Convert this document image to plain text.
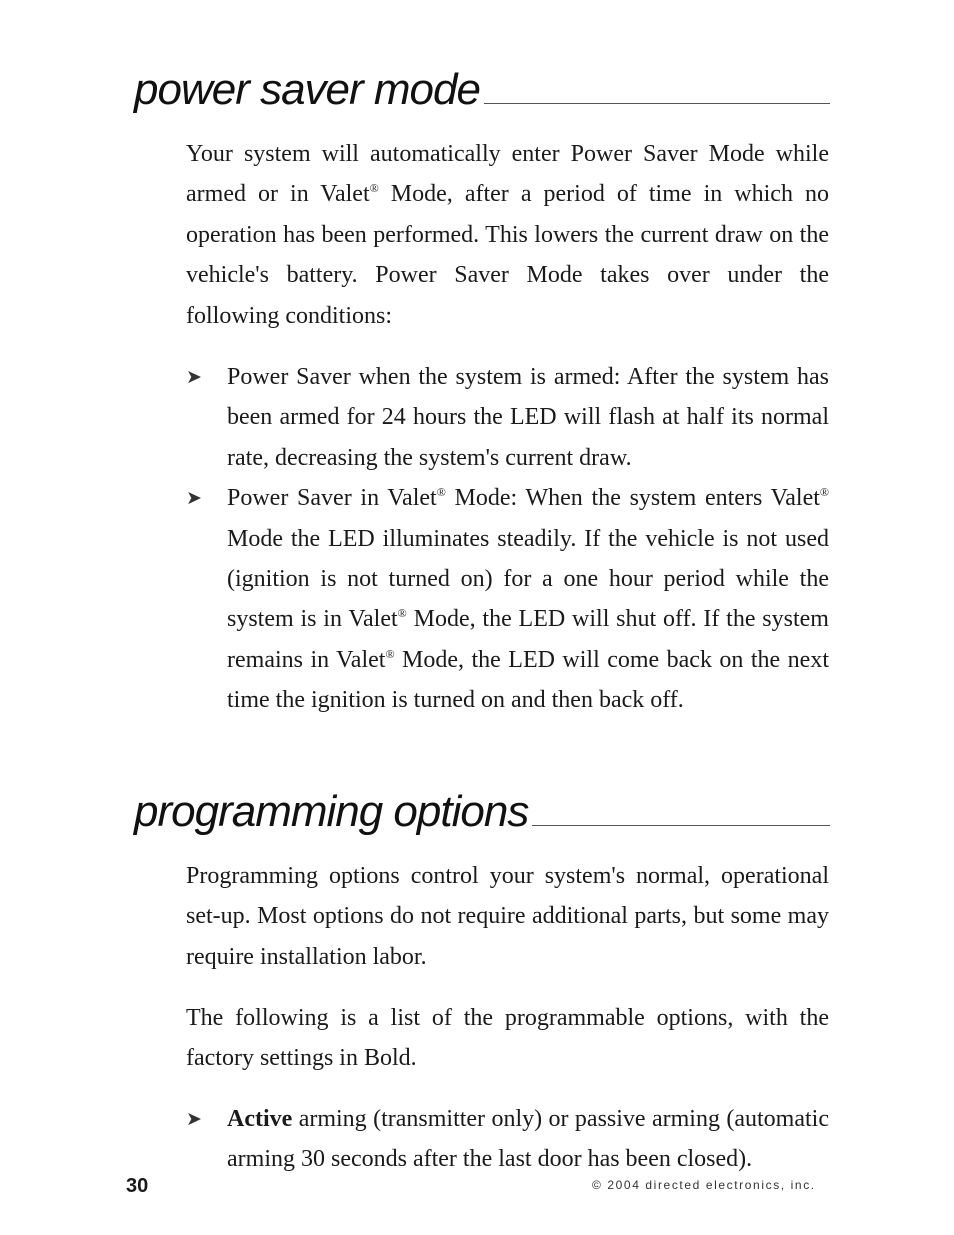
power saver mode

Your system will automatically enter Power Saver Mode while armed or in Valet® Mode, after a period of time in which no operation has been performed. This lowers the current draw on the vehicle's battery. Power Saver Mode takes over under the following conditions:

➤ Power Saver when the system is armed: After the system has been armed for 24 hours the LED will flash at half its normal rate, decreasing the system's current draw.
➤ Power Saver in Valet® Mode: When the system enters Valet® Mode the LED illuminates steadily. If the vehicle is not used (ignition is not turned on) for a one hour period while the system is in Valet® Mode, the LED will shut off. If the system remains in Valet® Mode, the LED will come back on the next time the ignition is turned on and then back off.
programming options

Programming options control your system's normal, operational set-up. Most options do not require additional parts, but some may require installation labor.

The following is a list of the programmable options, with the factory settings in Bold.

➤ Active arming (transmitter only) or passive arming (automatic arming 30 seconds after the last door has been closed).

30	© 2004 directed electronics, inc.
